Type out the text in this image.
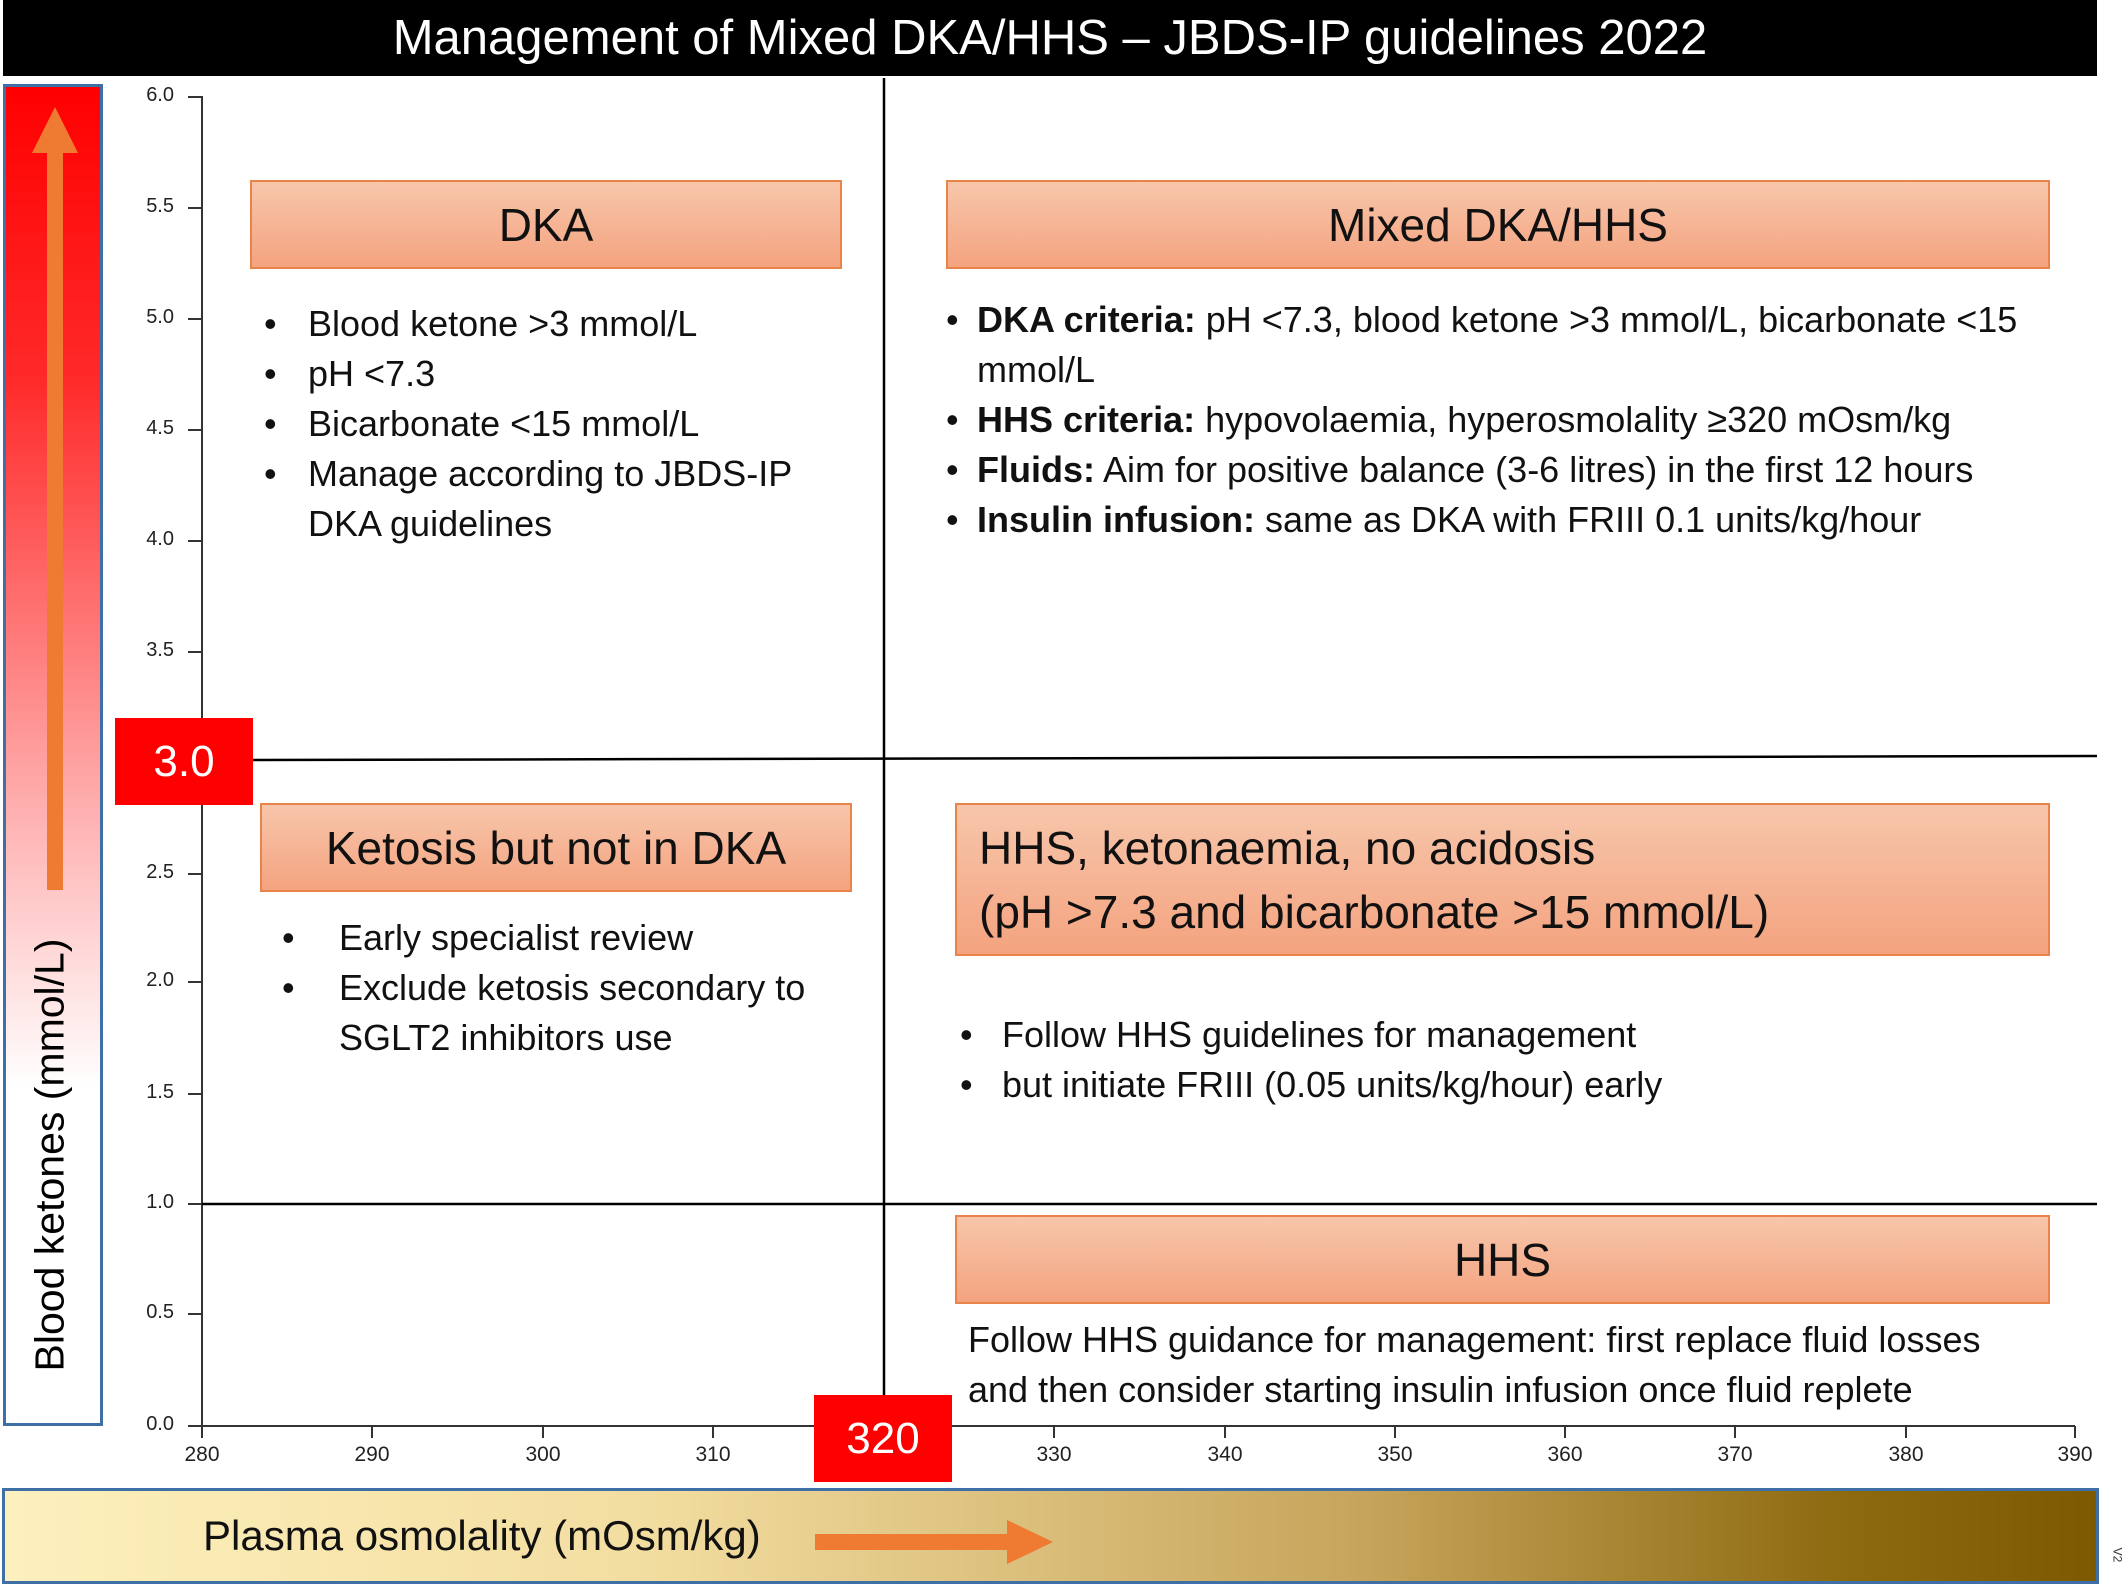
Management of Mixed DKA/HHS – JBDS-IP guidelines 2022
Blood ketones (mmol/L)
Plasma osmolality (mOsm/kg)
6.0
5.5
5.0
4.5
4.0
3.5
2.5
2.0
1.5
1.0
0.5
0.0
280	290	300	310	330	340	350	360	370	380	390
DKA
• Blood ketone >3 mmol/L
• pH <7.3
• Bicarbonate <15 mmol/L
• Manage according to JBDS-IP DKA guidelines
Mixed DKA/HHS
• DKA criteria: pH <7.3, blood ketone >3 mmol/L, bicarbonate <15 mmol/L
• HHS criteria: hypovolaemia, hyperosmolality ≥320 mOsm/kg
• Fluids: Aim for positive balance (3-6 litres) in the first 12 hours
• Insulin infusion: same as DKA with FRIII 0.1 units/kg/hour
Ketosis but not in DKA
• Early specialist review
• Exclude ketosis secondary to SGLT2 inhibitors use
HHS, ketonaemia, no acidosis
(pH >7.3 and bicarbonate >15 mmol/L)
• Follow HHS guidelines for management
• but initiate FRIII (0.05 units/kg/hour) early
HHS
Follow HHS guidance for management: first replace fluid losses and then consider starting insulin infusion once fluid replete
3.0
320
V2
